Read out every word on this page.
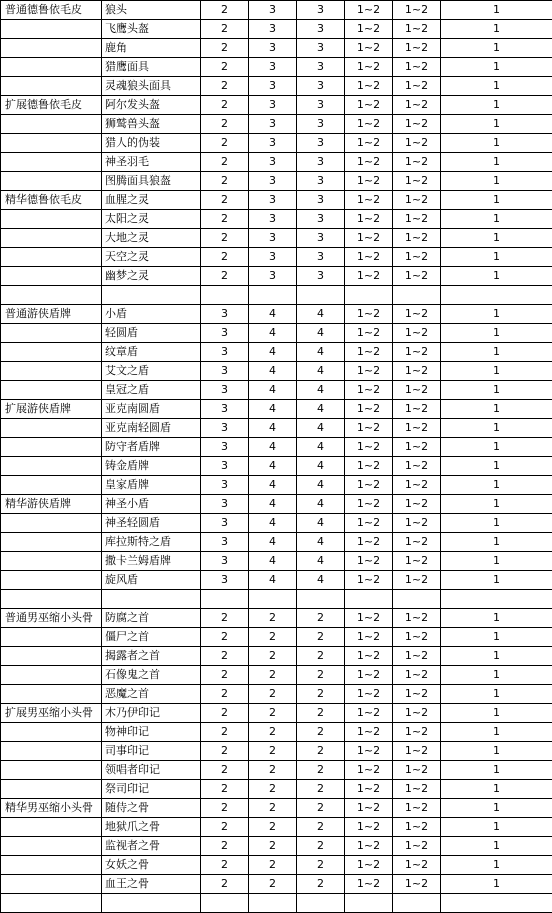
普通德鲁依毛皮	狼头	2	3	3	1~2	1~2	1
	飞鹰头盔	2	3	3	1~2	1~2	1
	鹿角	2	3	3	1~2	1~2	1
	猎鹰面具	2	3	3	1~2	1~2	1
	灵魂狼头面具	2	3	3	1~2	1~2	1
扩展德鲁依毛皮	阿尔发头盔	2	3	3	1~2	1~2	1
	狮鹫兽头盔	2	3	3	1~2	1~2	1
	猎人的伪装	2	3	3	1~2	1~2	1
	神圣羽毛	2	3	3	1~2	1~2	1
	图腾面具狼盔	2	3	3	1~2	1~2	1
精华德鲁依毛皮	血腥之灵	2	3	3	1~2	1~2	1
	太阳之灵	2	3	3	1~2	1~2	1
	大地之灵	2	3	3	1~2	1~2	1
	天空之灵	2	3	3	1~2	1~2	1
	幽梦之灵	2	3	3	1~2	1~2	1

普通游侠盾牌	小盾	3	4	4	1~2	1~2	1
	轻圆盾	3	4	4	1~2	1~2	1
	纹章盾	3	4	4	1~2	1~2	1
	艾文之盾	3	4	4	1~2	1~2	1
	皇冠之盾	3	4	4	1~2	1~2	1
扩展游侠盾牌	亚克南圆盾	3	4	4	1~2	1~2	1
	亚克南轻圆盾	3	4	4	1~2	1~2	1
	防守者盾牌	3	4	4	1~2	1~2	1
	铸金盾牌	3	4	4	1~2	1~2	1
	皇家盾牌	3	4	4	1~2	1~2	1
精华游侠盾牌	神圣小盾	3	4	4	1~2	1~2	1
	神圣轻圆盾	3	4	4	1~2	1~2	1
	库拉斯特之盾	3	4	4	1~2	1~2	1
	撒卡兰姆盾牌	3	4	4	1~2	1~2	1
	旋风盾	3	4	4	1~2	1~2	1

普通男巫缩小头骨	防腐之首	2	2	2	1~2	1~2	1
	僵尸之首	2	2	2	1~2	1~2	1
	揭露者之首	2	2	2	1~2	1~2	1
	石像鬼之首	2	2	2	1~2	1~2	1
	恶魔之首	2	2	2	1~2	1~2	1
扩展男巫缩小头骨	木乃伊印记	2	2	2	1~2	1~2	1
	物神印记	2	2	2	1~2	1~2	1
	司事印记	2	2	2	1~2	1~2	1
	领唱者印记	2	2	2	1~2	1~2	1
	祭司印记	2	2	2	1~2	1~2	1
精华男巫缩小头骨	随侍之骨	2	2	2	1~2	1~2	1
	地狱爪之骨	2	2	2	1~2	1~2	1
	监视者之骨	2	2	2	1~2	1~2	1
	女妖之骨	2	2	2	1~2	1~2	1
	血王之骨	2	2	2	1~2	1~2	1
